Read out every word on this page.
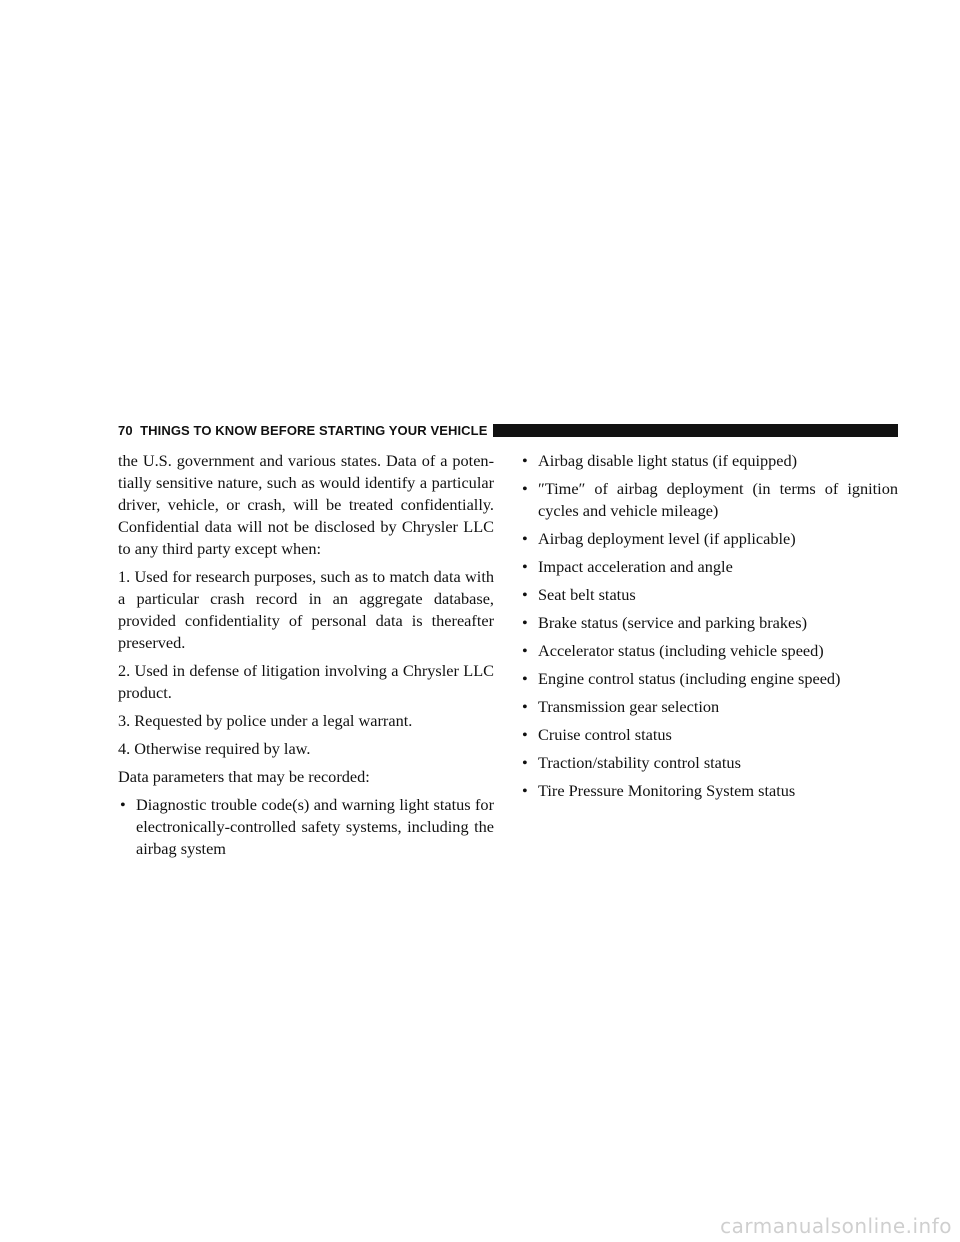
70 THINGS TO KNOW BEFORE STARTING YOUR VEHICLE

the U.S. government and various states. Data of a poten-tially sensitive nature, such as would identify a particular driver, vehicle, or crash, will be treated confidentially. Confidential data will not be disclosed by Chrysler LLC to any third party except when:

1. Used for research purposes, such as to match data with a particular crash record in an aggregate database, provided confidentiality of personal data is thereafter preserved.

2. Used in defense of litigation involving a Chrysler LLC product.

3. Requested by police under a legal warrant.

4. Otherwise required by law.

Data parameters that may be recorded:

• Diagnostic trouble code(s) and warning light status for electronically-controlled safety systems, including the airbag system
• Airbag disable light status (if equipped)
• ″Time″ of airbag deployment (in terms of ignition cycles and vehicle mileage)
• Airbag deployment level (if applicable)
• Impact acceleration and angle
• Seat belt status
• Brake status (service and parking brakes)
• Accelerator status (including vehicle speed)
• Engine control status (including engine speed)
• Transmission gear selection
• Cruise control status
• Traction/stability control status
• Tire Pressure Monitoring System status
carmanualsonline.info
